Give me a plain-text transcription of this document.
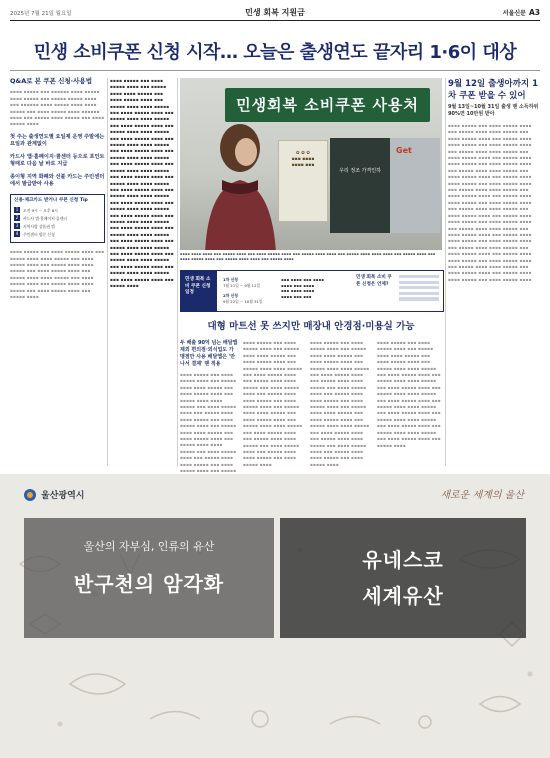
2025년 7월 21일 월요일	민생 회복 지원금	서울신문 A3
민생 소비쿠폰 신청 시작… 오늘은 출생연도 끝자리 1·6이 대상
Q&A로 본 쿠폰 신청·사용법
▪▪▪▪ ▪▪▪▪▪ ▪▪▪ ▪▪▪▪▪▪ ▪▪▪▪ ▪▪▪▪▪ ▪▪▪▪ ▪▪▪▪▪ ▪▪▪ ▪▪▪▪▪ ▪▪▪▪▪ ▪▪▪▪ ▪▪▪ ▪▪▪▪▪▪ ▪▪▪▪ ▪▪▪▪▪ ▪▪▪▪ ▪▪▪▪ ▪▪▪▪▪ ▪▪▪ ▪▪▪▪ ▪▪▪▪▪ ▪▪▪▪ ▪▪▪▪▪▪ ▪▪▪▪ ▪▪▪ ▪▪▪▪▪ ▪▪▪▪ ▪▪▪▪▪ ▪▪▪ ▪▪▪▪ ▪▪▪▪▪ ▪▪▪▪
첫 주는 출생연도별 요일제 운영 주말에는 요일과 관계없이
카드사 앱·홈페이지·콜센터 등으로 포인트 형태로 다음 날 바로 지급
종이형 지역 화폐와 선불 카드는 주민센터에서 발급받아 사용
신용·체크카드 받거나 쿠폰 신청 Tip
1	오전 9시 ~ 오후 6시
2	카드사 앱·홈페이지·콜센터
3	지역사랑 상품권 앱
4	주민센터 방문 신청
▪▪▪▪ ▪▪▪▪▪ ▪▪▪ ▪▪▪▪ ▪▪▪▪▪ ▪▪▪▪ ▪▪▪ ▪▪▪▪▪ ▪▪▪▪ ▪▪▪▪ ▪▪▪▪▪ ▪▪▪ ▪▪▪▪ ▪▪▪▪▪ ▪▪▪▪ ▪▪▪ ▪▪▪▪▪ ▪▪▪▪ ▪▪▪▪ ▪▪▪▪▪ ▪▪▪ ▪▪▪▪ ▪▪▪▪▪ ▪▪▪▪ ▪▪▪ ▪▪▪▪▪ ▪▪▪▪ ▪▪▪▪ ▪▪▪▪▪ ▪▪▪ ▪▪▪▪ ▪▪▪▪▪ ▪▪▪▪ ▪▪▪ ▪▪▪▪▪ ▪▪▪▪ ▪▪▪▪ ▪▪▪▪▪ ▪▪▪ ▪▪▪▪ ▪▪▪▪▪ ▪▪▪▪ ▪▪▪ ▪▪▪▪▪ ▪▪▪▪
▪▪▪▪ ▪▪▪▪▪ ▪▪▪ ▪▪▪▪ ▪▪▪▪▪ ▪▪▪▪ ▪▪▪ ▪▪▪▪▪ ▪▪▪▪ ▪▪▪▪ ▪▪▪▪▪ ▪▪▪ ▪▪▪▪ ▪▪▪▪▪ ▪▪▪▪ ▪▪▪ ▪▪▪▪▪ ▪▪▪▪ ▪▪▪▪ ▪▪▪▪▪ ▪▪▪ ▪▪▪▪ ▪▪▪▪▪ ▪▪▪▪ ▪▪▪ ▪▪▪▪▪ ▪▪▪▪ ▪▪▪▪ ▪▪▪▪▪ ▪▪▪ ▪▪▪▪ ▪▪▪▪▪ ▪▪▪▪ ▪▪▪ ▪▪▪▪▪ ▪▪▪▪ ▪▪▪▪ ▪▪▪▪▪ ▪▪▪ ▪▪▪▪ ▪▪▪▪▪ ▪▪▪▪ ▪▪▪ ▪▪▪▪▪ ▪▪▪▪ ▪▪▪▪ ▪▪▪▪▪ ▪▪▪ ▪▪▪▪ ▪▪▪▪▪ ▪▪▪▪ ▪▪▪ ▪▪▪▪▪ ▪▪▪▪ ▪▪▪▪ ▪▪▪▪▪ ▪▪▪ ▪▪▪▪ ▪▪▪▪▪ ▪▪▪▪ ▪▪▪ ▪▪▪▪▪ ▪▪▪▪ ▪▪▪▪ ▪▪▪▪▪ ▪▪▪ ▪▪▪▪ ▪▪▪▪▪ ▪▪▪▪ ▪▪▪ ▪▪▪▪▪ ▪▪▪▪ ▪▪▪▪ ▪▪▪▪▪ ▪▪▪ ▪▪▪▪ ▪▪▪▪▪ ▪▪▪▪ ▪▪▪ ▪▪▪▪▪ ▪▪▪▪ ▪▪▪▪ ▪▪▪▪▪ ▪▪▪ ▪▪▪▪ ▪▪▪▪▪ ▪▪▪▪ ▪▪▪ ▪▪▪▪▪ ▪▪▪▪ ▪▪▪▪ ▪▪▪▪▪ ▪▪▪ ▪▪▪▪ ▪▪▪▪▪ ▪▪▪▪ ▪▪▪ ▪▪▪▪▪ ▪▪▪▪ ▪▪▪▪ ▪▪▪▪▪ ▪▪▪ ▪▪▪▪ ▪▪▪▪▪ ▪▪▪▪ ▪▪▪ ▪▪▪▪▪ ▪▪▪▪ ▪▪▪▪ ▪▪▪▪▪ ▪▪▪ ▪▪▪▪ ▪▪▪▪▪ ▪▪▪▪ ▪▪▪ ▪▪▪▪▪ ▪▪▪▪ ▪▪▪▪ ▪▪▪▪▪ ▪▪▪ ▪▪▪▪ ▪▪▪▪▪ ▪▪▪▪ ▪▪▪ ▪▪▪▪▪ ▪▪▪▪ ▪▪▪▪ ▪▪▪▪▪ ▪▪▪ ▪▪▪▪ ▪▪▪▪▪ ▪▪▪▪ ▪▪▪ ▪▪▪▪▪ ▪▪▪▪ ▪▪▪▪ ▪▪▪▪▪ ▪▪▪ ▪▪▪▪ ▪▪▪▪▪ ▪▪▪▪ ▪▪▪ ▪▪▪▪▪ ▪▪▪▪
민생회복 소비쿠폰 사용처
✿ ✿ ✿
▪▪▪ ▪▪▪▪
▪▪▪▪ ▪▪▪
우리 정조 가격인하
Get
▪▪▪▪ ▪▪▪▪ ▪▪▪▪ ▪▪▪ ▪▪▪▪▪ ▪▪▪▪ ▪▪▪ ▪▪▪▪ ▪▪▪▪▪ ▪▪▪▪ ▪▪▪ ▪▪▪▪▪ ▪▪▪▪ ▪▪▪▪ ▪▪▪ ▪▪▪▪▪ ▪▪▪▪ ▪▪▪▪ ▪▪▪▪ ▪▪▪ ▪▪▪▪▪ ▪▪▪▪ ▪▪▪ ▪▪▪▪ ▪▪▪▪▪ ▪▪▪▪ ▪▪▪ ▪▪▪▪▪ ▪▪▪▪ ▪▪▪▪ ▪▪▪ ▪▪▪▪▪ ▪▪▪▪
민생 회복 소비 쿠폰 신청 일정
1차 신청
7월 21일 ~ 9월 12일
2차 신청
9월 22일 ~ 10월 31일
▪▪▪ ▪▪▪▪ ▪▪▪ ▪▪▪▪
▪▪▪▪ ▪▪▪ ▪▪▪▪
▪▪▪ ▪▪▪▪ ▪▪▪▪
▪▪▪▪ ▪▪▪ ▪▪▪
민생 회복 소비 쿠폰 신청은 언제?
대형 마트선 못 쓰지만 매장내 안경점·미용실 가능
두 배출 90억 넘는 배달앱 제외 편의점·외식업도 가맹점만 사용 배달앱은 '만나서 결제' 땐 적용
▪▪▪▪ ▪▪▪▪▪ ▪▪▪ ▪▪▪▪ ▪▪▪▪▪ ▪▪▪▪ ▪▪▪ ▪▪▪▪▪ ▪▪▪▪ ▪▪▪▪ ▪▪▪▪▪ ▪▪▪ ▪▪▪▪ ▪▪▪▪▪ ▪▪▪▪ ▪▪▪ ▪▪▪▪▪ ▪▪▪▪ ▪▪▪▪ ▪▪▪▪▪ ▪▪▪ ▪▪▪▪ ▪▪▪▪▪ ▪▪▪▪ ▪▪▪ ▪▪▪▪▪ ▪▪▪▪ ▪▪▪▪ ▪▪▪▪▪ ▪▪▪ ▪▪▪▪ ▪▪▪▪▪ ▪▪▪▪ ▪▪▪ ▪▪▪▪▪ ▪▪▪▪ ▪▪▪▪ ▪▪▪▪▪ ▪▪▪ ▪▪▪▪ ▪▪▪▪▪ ▪▪▪▪ ▪▪▪ ▪▪▪▪▪ ▪▪▪▪ ▪▪▪▪ ▪▪▪▪▪ ▪▪▪ ▪▪▪▪ ▪▪▪▪▪ ▪▪▪▪ ▪▪▪ ▪▪▪▪▪ ▪▪▪▪ ▪▪▪▪ ▪▪▪▪▪ ▪▪▪ ▪▪▪▪ ▪▪▪▪▪ ▪▪▪▪ ▪▪▪ ▪▪▪▪▪
▪▪▪▪ ▪▪▪▪▪ ▪▪▪ ▪▪▪▪ ▪▪▪▪▪ ▪▪▪▪ ▪▪▪ ▪▪▪▪▪ ▪▪▪▪ ▪▪▪▪ ▪▪▪▪▪ ▪▪▪ ▪▪▪▪ ▪▪▪▪▪ ▪▪▪▪ ▪▪▪ ▪▪▪▪▪ ▪▪▪▪ ▪▪▪▪ ▪▪▪▪▪ ▪▪▪ ▪▪▪▪ ▪▪▪▪▪ ▪▪▪▪ ▪▪▪ ▪▪▪▪▪ ▪▪▪▪ ▪▪▪▪ ▪▪▪▪▪ ▪▪▪ ▪▪▪▪ ▪▪▪▪▪ ▪▪▪▪ ▪▪▪ ▪▪▪▪▪ ▪▪▪▪ ▪▪▪▪ ▪▪▪▪▪ ▪▪▪ ▪▪▪▪ ▪▪▪▪▪ ▪▪▪▪ ▪▪▪ ▪▪▪▪▪ ▪▪▪▪ ▪▪▪▪ ▪▪▪▪▪ ▪▪▪ ▪▪▪▪ ▪▪▪▪▪ ▪▪▪▪ ▪▪▪ ▪▪▪▪▪ ▪▪▪▪ ▪▪▪▪ ▪▪▪▪▪ ▪▪▪ ▪▪▪▪ ▪▪▪▪▪ ▪▪▪▪ ▪▪▪ ▪▪▪▪▪ ▪▪▪▪ ▪▪▪▪ ▪▪▪▪▪ ▪▪▪ ▪▪▪▪ ▪▪▪▪▪ ▪▪▪▪ ▪▪▪ ▪▪▪▪▪ ▪▪▪▪ ▪▪▪▪ ▪▪▪▪▪ ▪▪▪ ▪▪▪▪ ▪▪▪▪▪ ▪▪▪▪
▪▪▪▪ ▪▪▪▪▪ ▪▪▪ ▪▪▪▪ ▪▪▪▪▪ ▪▪▪▪ ▪▪▪ ▪▪▪▪▪ ▪▪▪▪ ▪▪▪▪ ▪▪▪▪▪ ▪▪▪ ▪▪▪▪ ▪▪▪▪▪ ▪▪▪▪ ▪▪▪ ▪▪▪▪▪ ▪▪▪▪ ▪▪▪▪ ▪▪▪▪▪ ▪▪▪ ▪▪▪▪ ▪▪▪▪▪ ▪▪▪▪ ▪▪▪ ▪▪▪▪▪ ▪▪▪▪ ▪▪▪▪ ▪▪▪▪▪ ▪▪▪ ▪▪▪▪ ▪▪▪▪▪ ▪▪▪▪ ▪▪▪ ▪▪▪▪▪ ▪▪▪▪ ▪▪▪▪ ▪▪▪▪▪ ▪▪▪ ▪▪▪▪ ▪▪▪▪▪ ▪▪▪▪ ▪▪▪ ▪▪▪▪▪ ▪▪▪▪ ▪▪▪▪ ▪▪▪▪▪ ▪▪▪ ▪▪▪▪ ▪▪▪▪▪ ▪▪▪▪ ▪▪▪ ▪▪▪▪▪ ▪▪▪▪ ▪▪▪▪ ▪▪▪▪▪ ▪▪▪ ▪▪▪▪ ▪▪▪▪▪ ▪▪▪▪ ▪▪▪ ▪▪▪▪▪ ▪▪▪▪ ▪▪▪▪ ▪▪▪▪▪ ▪▪▪ ▪▪▪▪ ▪▪▪▪▪ ▪▪▪▪ ▪▪▪ ▪▪▪▪▪ ▪▪▪▪ ▪▪▪▪ ▪▪▪▪▪ ▪▪▪ ▪▪▪▪ ▪▪▪▪▪ ▪▪▪▪
▪▪▪▪ ▪▪▪▪▪ ▪▪▪ ▪▪▪▪ ▪▪▪▪▪ ▪▪▪▪ ▪▪▪ ▪▪▪▪▪ ▪▪▪▪ ▪▪▪▪ ▪▪▪▪▪ ▪▪▪ ▪▪▪▪ ▪▪▪▪▪ ▪▪▪▪ ▪▪▪ ▪▪▪▪▪ ▪▪▪▪ ▪▪▪▪ ▪▪▪▪▪ ▪▪▪ ▪▪▪▪ ▪▪▪▪▪ ▪▪▪▪ ▪▪▪ ▪▪▪▪▪ ▪▪▪▪ ▪▪▪▪ ▪▪▪▪▪ ▪▪▪ ▪▪▪▪ ▪▪▪▪▪ ▪▪▪▪ ▪▪▪ ▪▪▪▪▪ ▪▪▪▪ ▪▪▪▪ ▪▪▪▪▪ ▪▪▪ ▪▪▪▪ ▪▪▪▪▪ ▪▪▪▪ ▪▪▪ ▪▪▪▪▪ ▪▪▪▪ ▪▪▪▪ ▪▪▪▪▪ ▪▪▪ ▪▪▪▪ ▪▪▪▪▪ ▪▪▪▪ ▪▪▪ ▪▪▪▪▪ ▪▪▪▪ ▪▪▪▪ ▪▪▪▪▪ ▪▪▪ ▪▪▪▪ ▪▪▪▪▪ ▪▪▪▪ ▪▪▪ ▪▪▪▪▪ ▪▪▪▪ ▪▪▪▪ ▪▪▪▪▪ ▪▪▪ ▪▪▪▪ ▪▪▪▪▪ ▪▪▪▪ ▪▪▪ ▪▪▪▪▪ ▪▪▪▪
9월 12일 출생아까지 1차 쿠폰 받을 수 있어
9월 13일~10월 31일 출생 땐 소득하위 90%면 10만원 받아
▪▪▪▪ ▪▪▪▪▪ ▪▪▪ ▪▪▪▪ ▪▪▪▪▪ ▪▪▪▪ ▪▪▪ ▪▪▪▪▪ ▪▪▪▪ ▪▪▪▪ ▪▪▪▪▪ ▪▪▪ ▪▪▪▪ ▪▪▪▪▪ ▪▪▪▪ ▪▪▪ ▪▪▪▪▪ ▪▪▪▪ ▪▪▪▪ ▪▪▪▪▪ ▪▪▪ ▪▪▪▪ ▪▪▪▪▪ ▪▪▪▪ ▪▪▪ ▪▪▪▪▪ ▪▪▪▪ ▪▪▪▪ ▪▪▪▪▪ ▪▪▪ ▪▪▪▪ ▪▪▪▪▪ ▪▪▪▪ ▪▪▪ ▪▪▪▪▪ ▪▪▪▪ ▪▪▪▪ ▪▪▪▪▪ ▪▪▪ ▪▪▪▪ ▪▪▪▪▪ ▪▪▪▪ ▪▪▪ ▪▪▪▪▪ ▪▪▪▪ ▪▪▪▪ ▪▪▪▪▪ ▪▪▪ ▪▪▪▪ ▪▪▪▪▪ ▪▪▪▪ ▪▪▪ ▪▪▪▪▪ ▪▪▪▪ ▪▪▪▪ ▪▪▪▪▪ ▪▪▪ ▪▪▪▪ ▪▪▪▪▪ ▪▪▪▪ ▪▪▪ ▪▪▪▪▪ ▪▪▪▪ ▪▪▪▪ ▪▪▪▪▪ ▪▪▪ ▪▪▪▪ ▪▪▪▪▪ ▪▪▪▪ ▪▪▪ ▪▪▪▪▪ ▪▪▪▪ ▪▪▪▪ ▪▪▪▪▪ ▪▪▪ ▪▪▪▪ ▪▪▪▪▪ ▪▪▪▪ ▪▪▪ ▪▪▪▪▪ ▪▪▪▪ ▪▪▪▪ ▪▪▪▪▪ ▪▪▪ ▪▪▪▪ ▪▪▪▪▪ ▪▪▪▪ ▪▪▪ ▪▪▪▪▪ ▪▪▪▪ ▪▪▪▪ ▪▪▪▪▪ ▪▪▪ ▪▪▪▪ ▪▪▪▪▪ ▪▪▪▪ ▪▪▪ ▪▪▪▪▪ ▪▪▪▪ ▪▪▪▪ ▪▪▪▪▪ ▪▪▪ ▪▪▪▪ ▪▪▪▪▪ ▪▪▪▪ ▪▪▪ ▪▪▪▪▪ ▪▪▪▪ ▪▪▪▪ ▪▪▪▪▪ ▪▪▪ ▪▪▪▪ ▪▪▪▪▪ ▪▪▪▪ ▪▪▪ ▪▪▪▪▪ ▪▪▪▪ ▪▪▪▪ ▪▪▪▪▪ ▪▪▪ ▪▪▪▪ ▪▪▪▪▪ ▪▪▪▪ ▪▪▪ ▪▪▪▪▪ ▪▪▪▪ ▪▪▪▪ ▪▪▪▪▪ ▪▪▪ ▪▪▪▪ ▪▪▪▪▪ ▪▪▪▪ ▪▪▪ ▪▪▪▪▪ ▪▪▪▪ ▪▪▪▪ ▪▪▪▪▪ ▪▪▪ ▪▪▪▪ ▪▪▪▪▪ ▪▪▪▪ ▪▪▪ ▪▪▪▪▪ ▪▪▪▪ ▪▪▪▪ ▪▪▪▪▪ ▪▪▪ ▪▪▪▪ ▪▪▪▪▪ ▪▪▪▪
울산광역시	새로운 세계의 울산
울산의 자부심, 인류의 유산
반구천의 암각화
유네스코
세계유산
